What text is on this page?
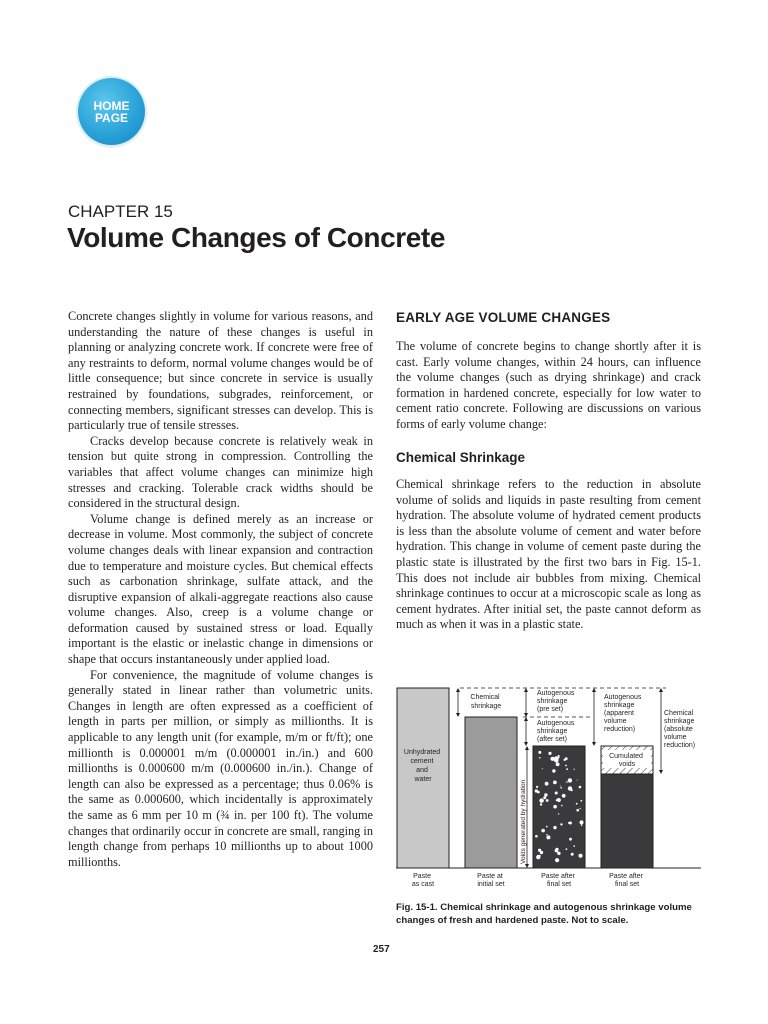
HOME
PAGE
CHAPTER 15
Volume Changes of Concrete

Concrete changes slightly in volume for various reasons, and understanding the nature of these changes is useful in planning or analyzing concrete work. If concrete were free of any restraints to deform, normal volume changes would be of little consequence; but since concrete in service is usually restrained by foundations, subgrades, reinforcement, or connecting members, significant stresses can develop. This is particularly true of tensile stresses.

Cracks develop because concrete is relatively weak in tension but quite strong in compression. Controlling the variables that affect volume changes can minimize high stresses and cracking. Tolerable crack widths should be considered in the structural design.

Volume change is defined merely as an increase or decrease in volume. Most commonly, the subject of concrete volume changes deals with linear expansion and contraction due to temperature and moisture cycles. But chemical effects such as carbonation shrinkage, sulfate attack, and the disruptive expansion of alkali-aggregate reactions also cause volume changes. Also, creep is a volume change or deformation caused by sustained stress or load. Equally important is the elastic or inelastic change in dimensions or shape that occurs instantaneously under applied load.

For convenience, the magnitude of volume changes is generally stated in linear rather than volumetric units. Changes in length are often expressed as a coefficient of length in parts per million, or simply as millionths. It is applicable to any length unit (for example, m/m or ft/ft); one millionth is 0.000001 m/m (0.000001 in./in.) and 600 millionths is 0.000600 m/m (0.000600 in./in.). Change of length can also be expressed as a percentage; thus 0.06% is the same as 0.000600, which incidentally is approximately the same as 6 mm per 10 m (¾ in. per 100 ft). The volume changes that ordinarily occur in concrete are small, ranging in length change from perhaps 10 millionths up to about 1000 millionths.

EARLY AGE VOLUME CHANGES

The volume of concrete begins to change shortly after it is cast. Early volume changes, within 24 hours, can influence the volume changes (such as drying shrinkage) and crack formation in hardened concrete, especially for low water to cement ratio concrete. Following are discussions on various forms of early volume change:

Chemical Shrinkage

Chemical shrinkage refers to the reduction in absolute volume of solids and liquids in paste resulting from cement hydration. The absolute volume of hydrated cement products is less than the absolute volume of cement and water before hydration. This change in volume of cement paste during the plastic state is illustrated by the first two bars in Fig. 15-1. This does not include air bubbles from mixing. Chemical shrinkage continues to occur at a microscopic scale as long as cement hydrates. After initial set, the paste cannot deform as much as when it was in a plastic state.

Unhydrated cement and water
Chemical shrinkage
Autogenous shrinkage (pre set)
Autogenous shrinkage (after set)
Autogenous shrinkage (apparent volume reduction)
Chemical shrinkage (absolute volume reduction)
Cumulated voids
Voids generated by hydration
Paste as cast
Paste at initial set
Paste after final set
Paste after final set
Fig. 15-1. Chemical shrinkage and autogenous shrinkage volume changes of fresh and hardened paste. Not to scale.
257
